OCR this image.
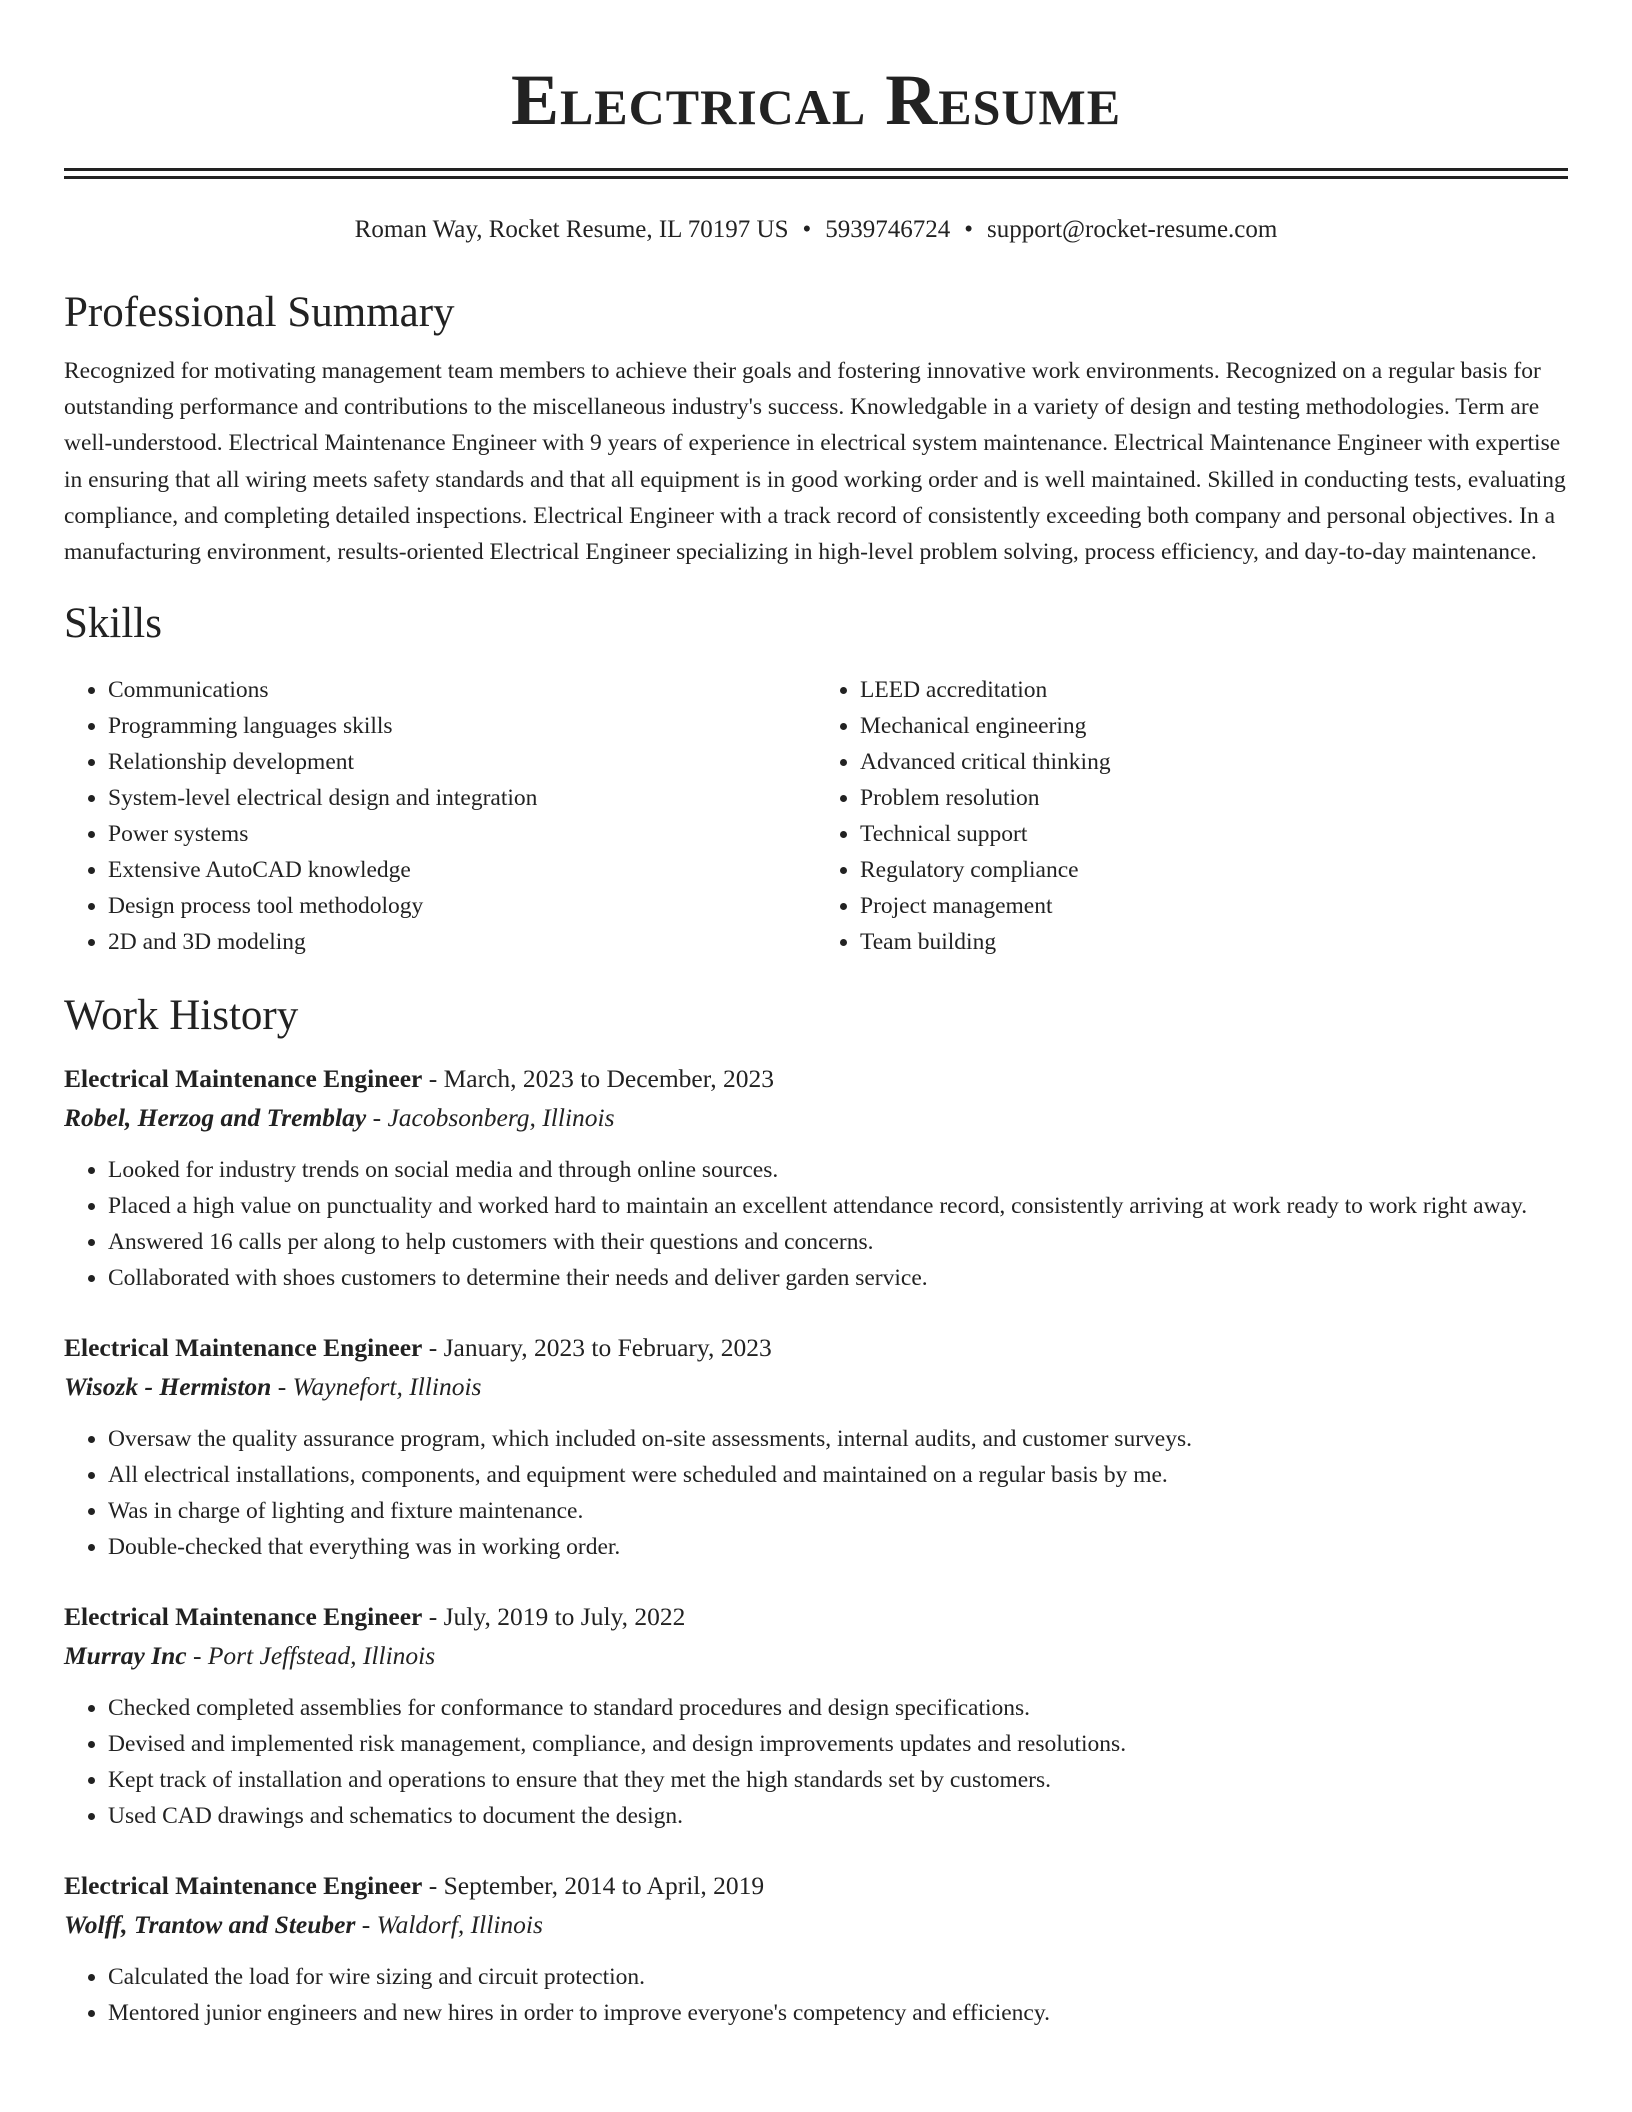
Electrical Resume
Roman Way, Rocket Resume, IL 70197 US • 5939746724 • support@rocket-resume.com
Professional Summary

Recognized for motivating management team members to achieve their goals and fostering innovative work environments. Recognized on a regular basis for outstanding performance and contributions to the miscellaneous industry's success. Knowledgable in a variety of design and testing methodologies. Term are well-understood. Electrical Maintenance Engineer with 9 years of experience in electrical system maintenance. Electrical Maintenance Engineer with expertise in ensuring that all wiring meets safety standards and that all equipment is in good working order and is well maintained. Skilled in conducting tests, evaluating compliance, and completing detailed inspections. Electrical Engineer with a track record of consistently exceeding both company and personal objectives. In a manufacturing environment, results-oriented Electrical Engineer specializing in high-level problem solving, process efficiency, and day-to-day maintenance.

Skills
• Communications
• Programming languages skills
• Relationship development
• System-level electrical design and integration
• Power systems
• Extensive AutoCAD knowledge
• Design process tool methodology
• 2D and 3D modeling
• LEED accreditation
• Mechanical engineering
• Advanced critical thinking
• Problem resolution
• Technical support
• Regulatory compliance
• Project management
• Team building
Work History
Electrical Maintenance Engineer - March, 2023 to December, 2023
Robel, Herzog and Tremblay - Jacobsonberg, Illinois
• Looked for industry trends on social media and through online sources.
• Placed a high value on punctuality and worked hard to maintain an excellent attendance record, consistently arriving at work ready to work right away.
• Answered 16 calls per along to help customers with their questions and concerns.
• Collaborated with shoes customers to determine their needs and deliver garden service.
Electrical Maintenance Engineer - January, 2023 to February, 2023
Wisozk - Hermiston - Waynefort, Illinois
• Oversaw the quality assurance program, which included on-site assessments, internal audits, and customer surveys.
• All electrical installations, components, and equipment were scheduled and maintained on a regular basis by me.
• Was in charge of lighting and fixture maintenance.
• Double-checked that everything was in working order.
Electrical Maintenance Engineer - July, 2019 to July, 2022
Murray Inc - Port Jeffstead, Illinois
• Checked completed assemblies for conformance to standard procedures and design specifications.
• Devised and implemented risk management, compliance, and design improvements updates and resolutions.
• Kept track of installation and operations to ensure that they met the high standards set by customers.
• Used CAD drawings and schematics to document the design.
Electrical Maintenance Engineer - September, 2014 to April, 2019
Wolff, Trantow and Steuber - Waldorf, Illinois
• Calculated the load for wire sizing and circuit protection.
• Mentored junior engineers and new hires in order to improve everyone's competency and efficiency.
